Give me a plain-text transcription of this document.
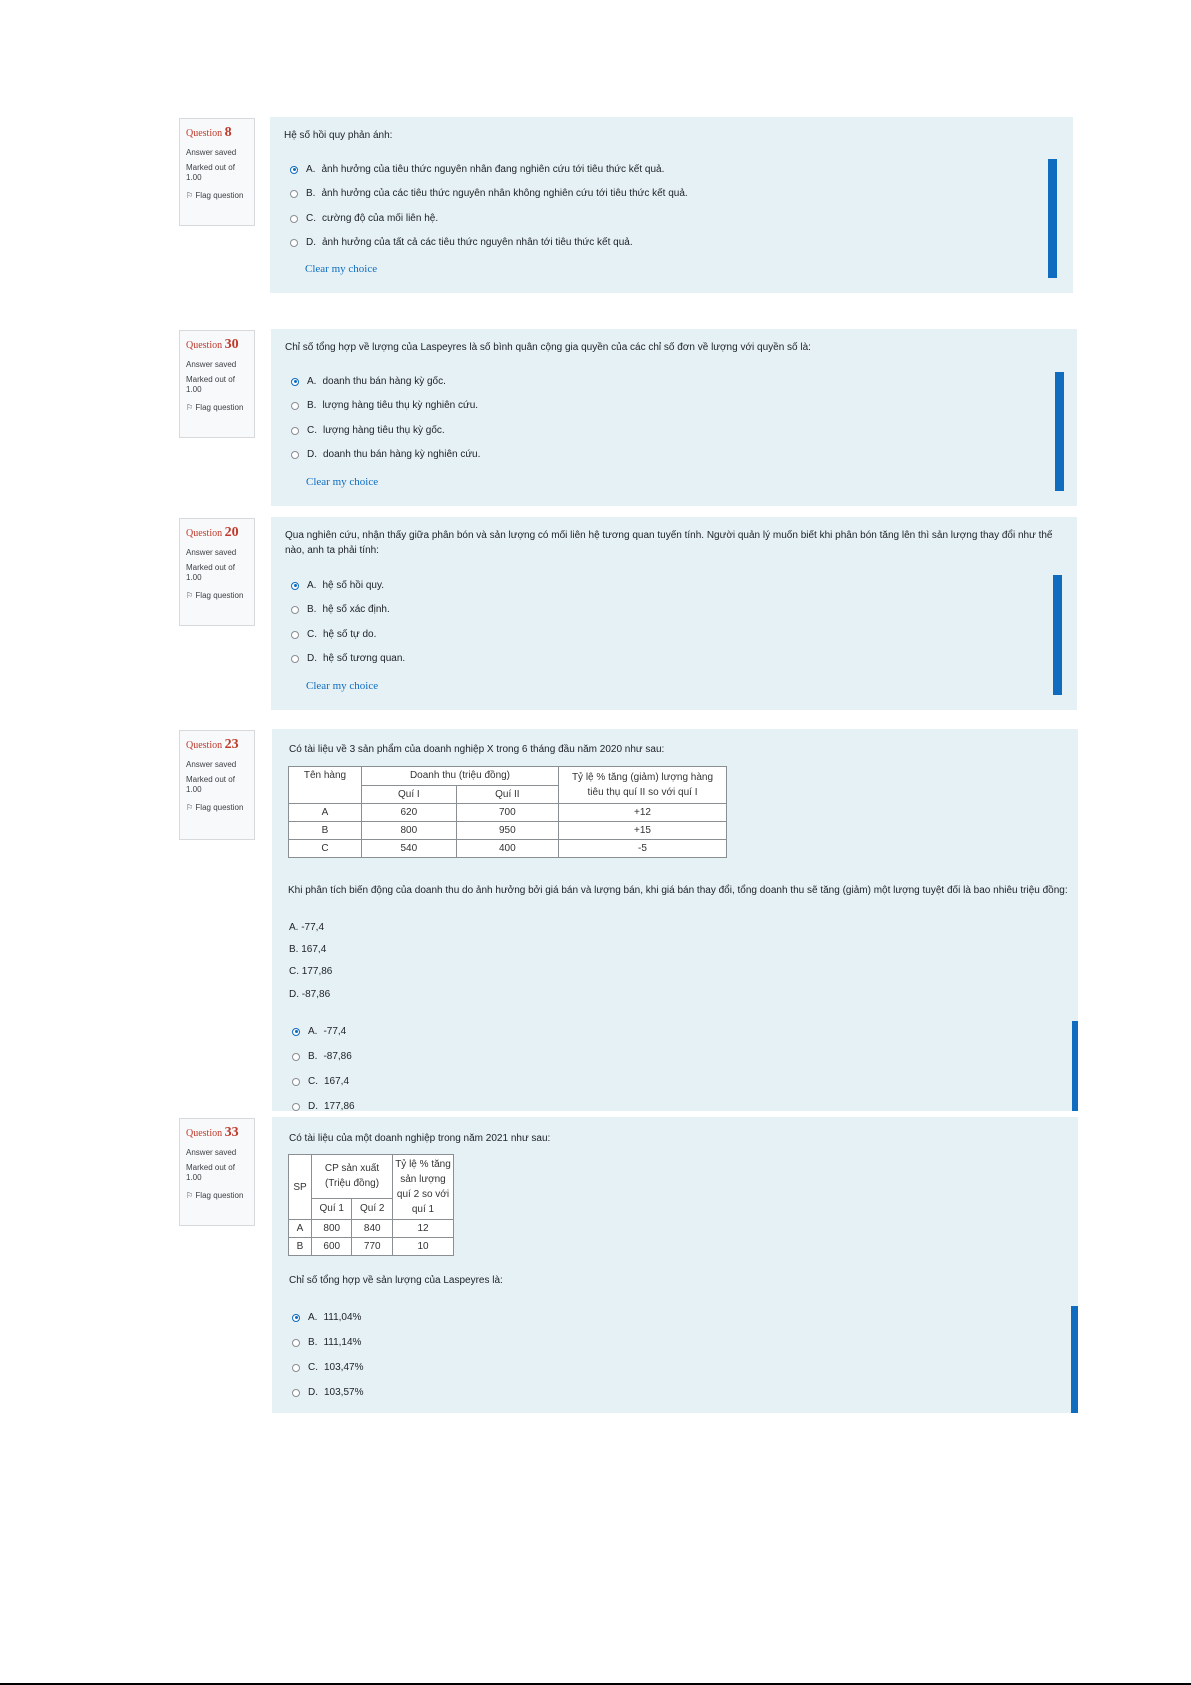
Question 8
Answer saved
Marked out of
1.00
⚐ Flag question
Hệ số hồi quy phản ánh:
A. ảnh hưởng của tiêu thức nguyên nhân đang nghiên cứu tới tiêu thức kết quả.
B. ảnh hưởng của các tiêu thức nguyên nhân không nghiên cứu tới tiêu thức kết quả.
C. cường độ của mối liên hệ.
D. ảnh hưởng của tất cả các tiêu thức nguyên nhân tới tiêu thức kết quả.
Clear my choice
Question 30
Answer saved
Marked out of
1.00
⚐ Flag question
Chỉ số tổng hợp về lượng của Laspeyres là số bình quân cộng gia quyền của các chỉ số đơn về lượng với quyền số là:
A. doanh thu bán hàng kỳ gốc.
B. lượng hàng tiêu thụ kỳ nghiên cứu.
C. lượng hàng tiêu thụ kỳ gốc.
D. doanh thu bán hàng kỳ nghiên cứu.
Clear my choice
Question 20
Answer saved
Marked out of
1.00
⚐ Flag question
Qua nghiên cứu, nhận thấy giữa phân bón và sản lượng có mối liên hệ tương quan tuyến tính. Người quản lý muốn biết khi phân bón tăng lên thì sản lượng thay đổi như thế nào, anh ta phải tính:
A. hệ số hồi quy.
B. hệ số xác định.
C. hệ số tự do.
D. hệ số tương quan.
Clear my choice
Question 23
Answer saved
Marked out of
1.00
⚐ Flag question
Có tài liệu về 3 sản phẩm của doanh nghiệp X trong 6 tháng đầu năm 2020 như sau:
Tên hàng	Doanh thu (triệu đồng)		Tỷ lệ % tăng (giảm) lượng hàng tiêu thụ quí II so với quí I
	Quí I	Quí II	
A	620	700	+12
B	800	950	+15
C	540	400	-5
Khi phân tích biến động của doanh thu do ảnh hưởng bởi giá bán và lượng bán, khi giá bán thay đổi, tổng doanh thu sẽ tăng (giảm) một lượng tuyệt đối là bao nhiêu triệu đồng:
A. -77,4
B. 167,4
C. 177,86
D. -87,86
A. -77,4
B. -87,86
C. 167,4
D. 177,86
Question 33
Answer saved
Marked out of
1.00
⚐ Flag question
Có tài liệu của một doanh nghiệp trong năm 2021 như sau:
SP	CP sản xuất (Triệu đồng)		Tỷ lệ % tăng sản lượng quí 2 so với quí 1
	Quí 1	Quí 2	
A	800	840	12
B	600	770	10
Chỉ số tổng hợp về sản lượng của Laspeyres là:
A. 111,04%
B. 111,14%
C. 103,47%
D. 103,57%
